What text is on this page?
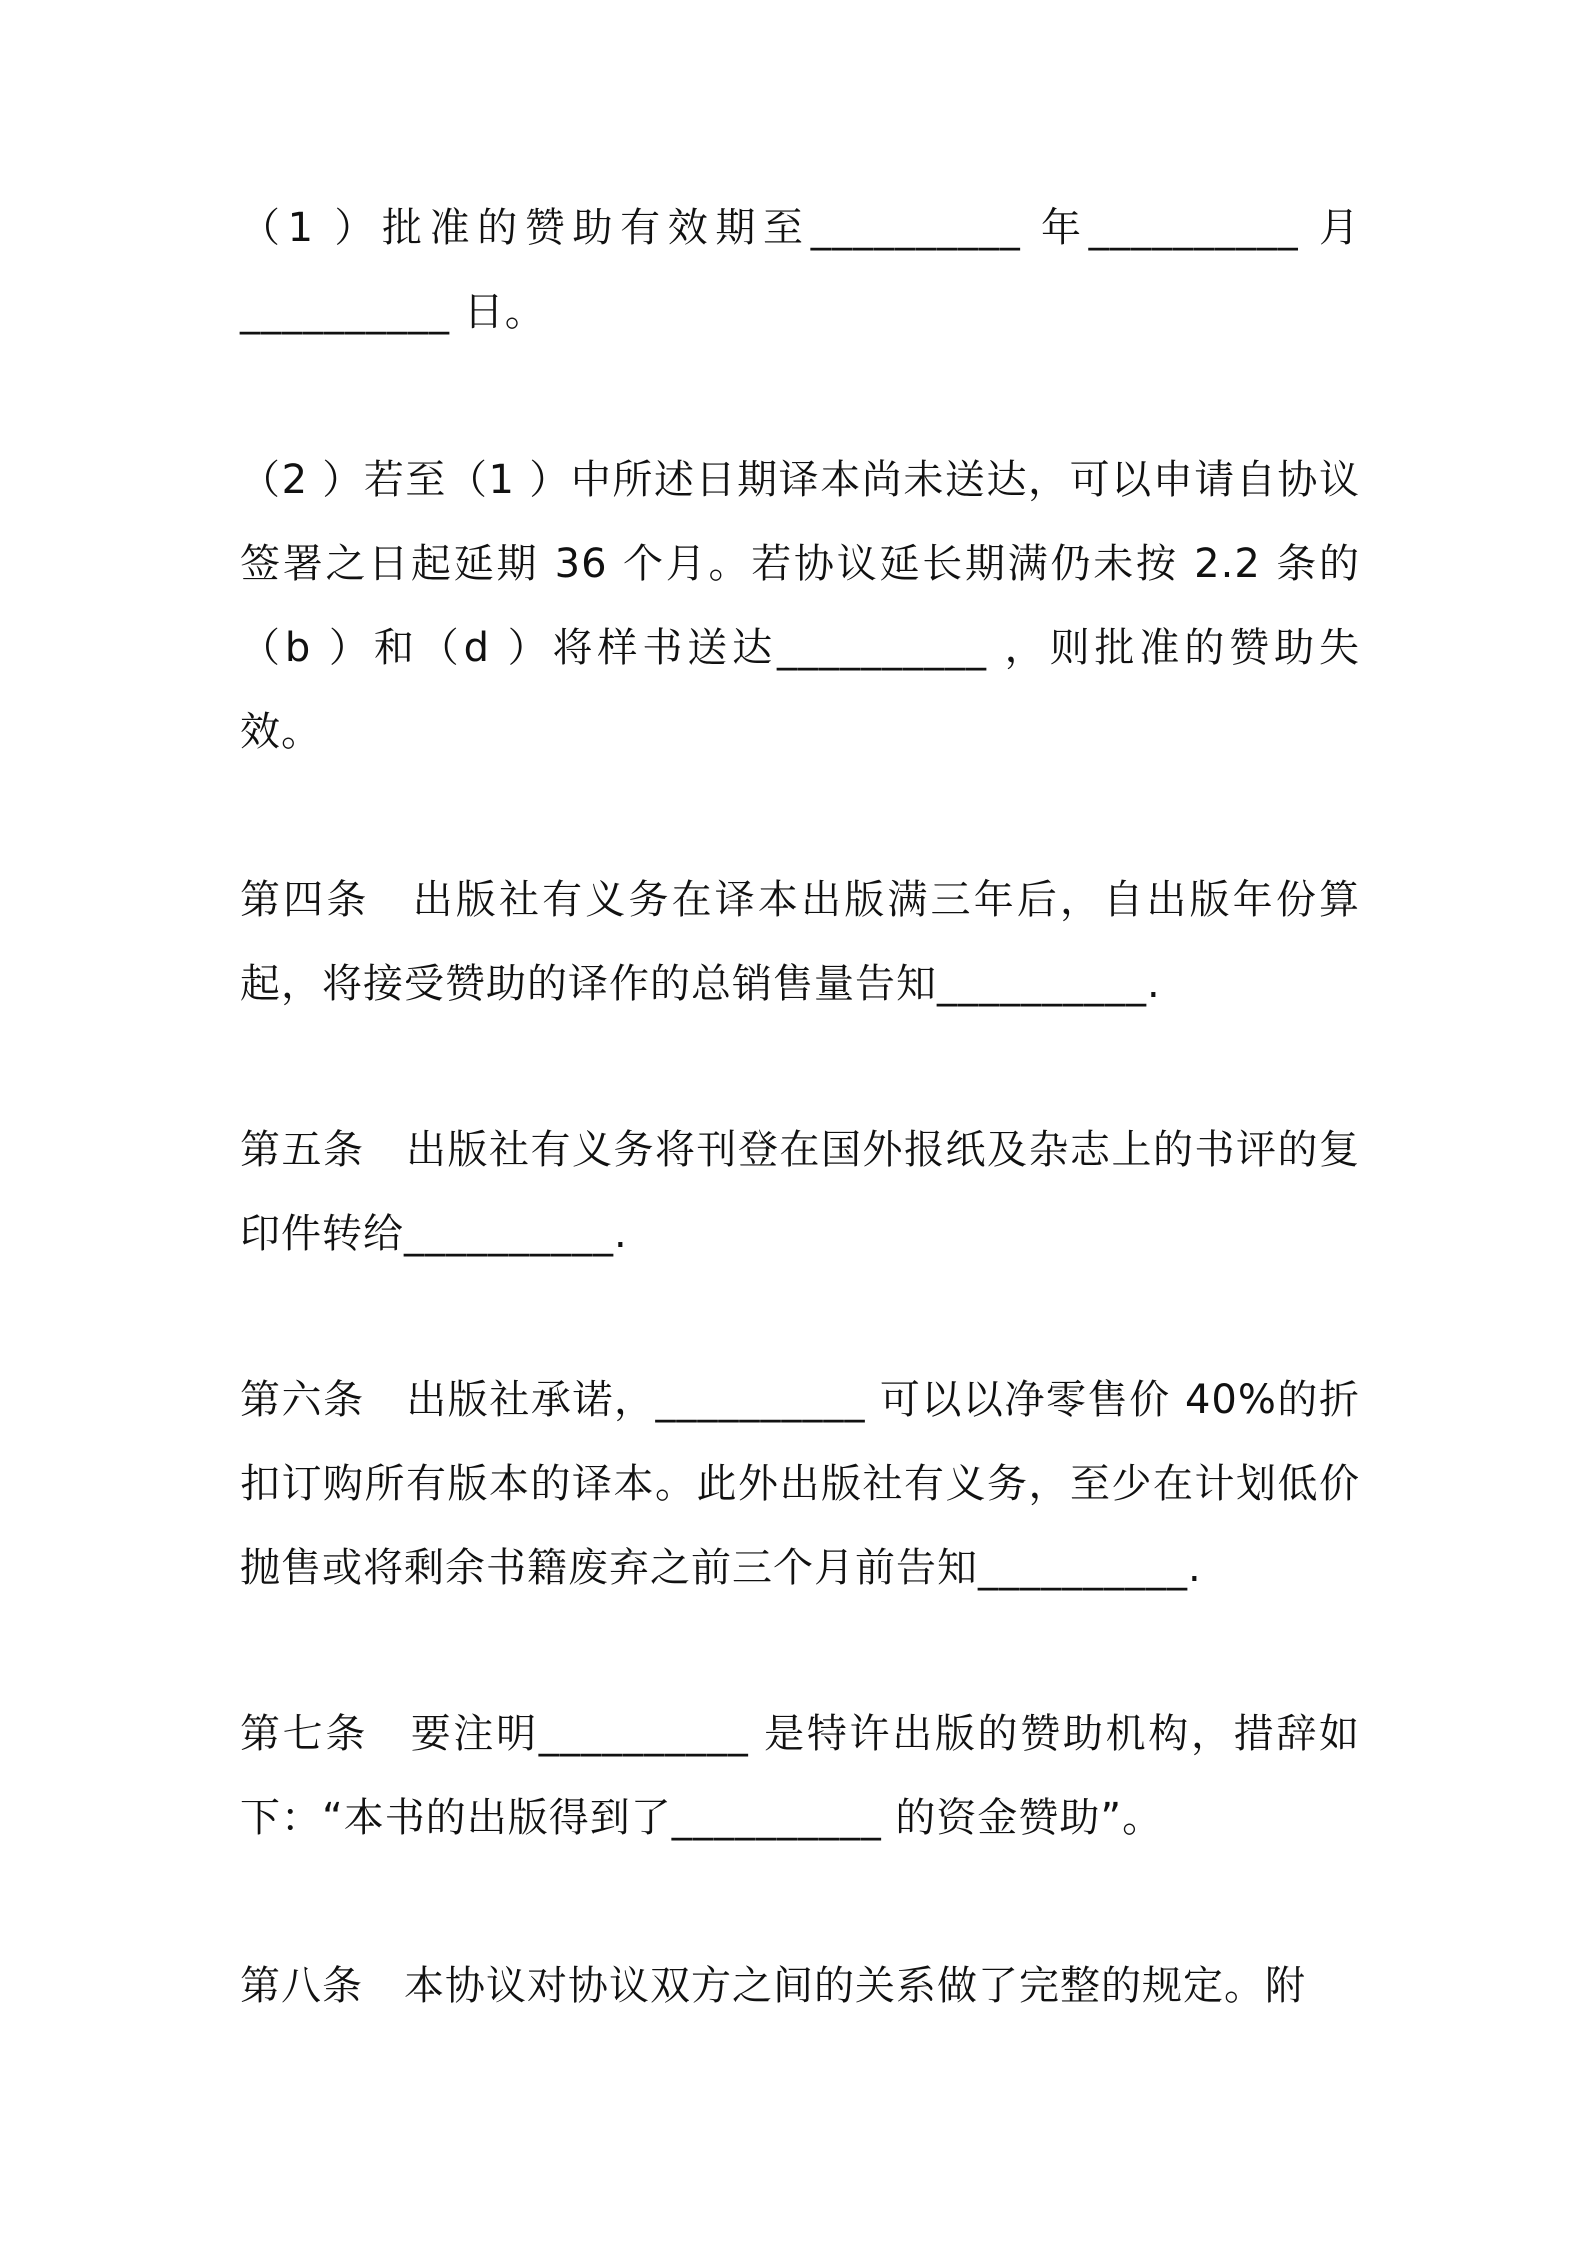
（1 ）批准的赞助有效期至__________ 年__________ 月__________ 日。

（2 ）若至（1 ）中所述日期译本尚未送达，可以申请自协议签署之日起延期 36 个月。若协议延长期满仍未按 2.2 条的（b ）和（d ）将样书送达__________ ，则批准的赞助失效。

第四条　出版社有义务在译本出版满三年后，自出版年份算起，将接受赞助的译作的总销售量告知__________.

第五条　出版社有义务将刊登在国外报纸及杂志上的书评的复印件转给__________.

第六条　出版社承诺，__________ 可以以净零售价 40%的折扣订购所有版本的译本。此外出版社有义务，至少在计划低价抛售或将剩余书籍废弃之前三个月前告知__________.

第七条　要注明__________ 是特许出版的赞助机构，措辞如下：“本书的出版得到了__________ 的资金赞助”。

第八条　本协议对协议双方之间的关系做了完整的规定。附
